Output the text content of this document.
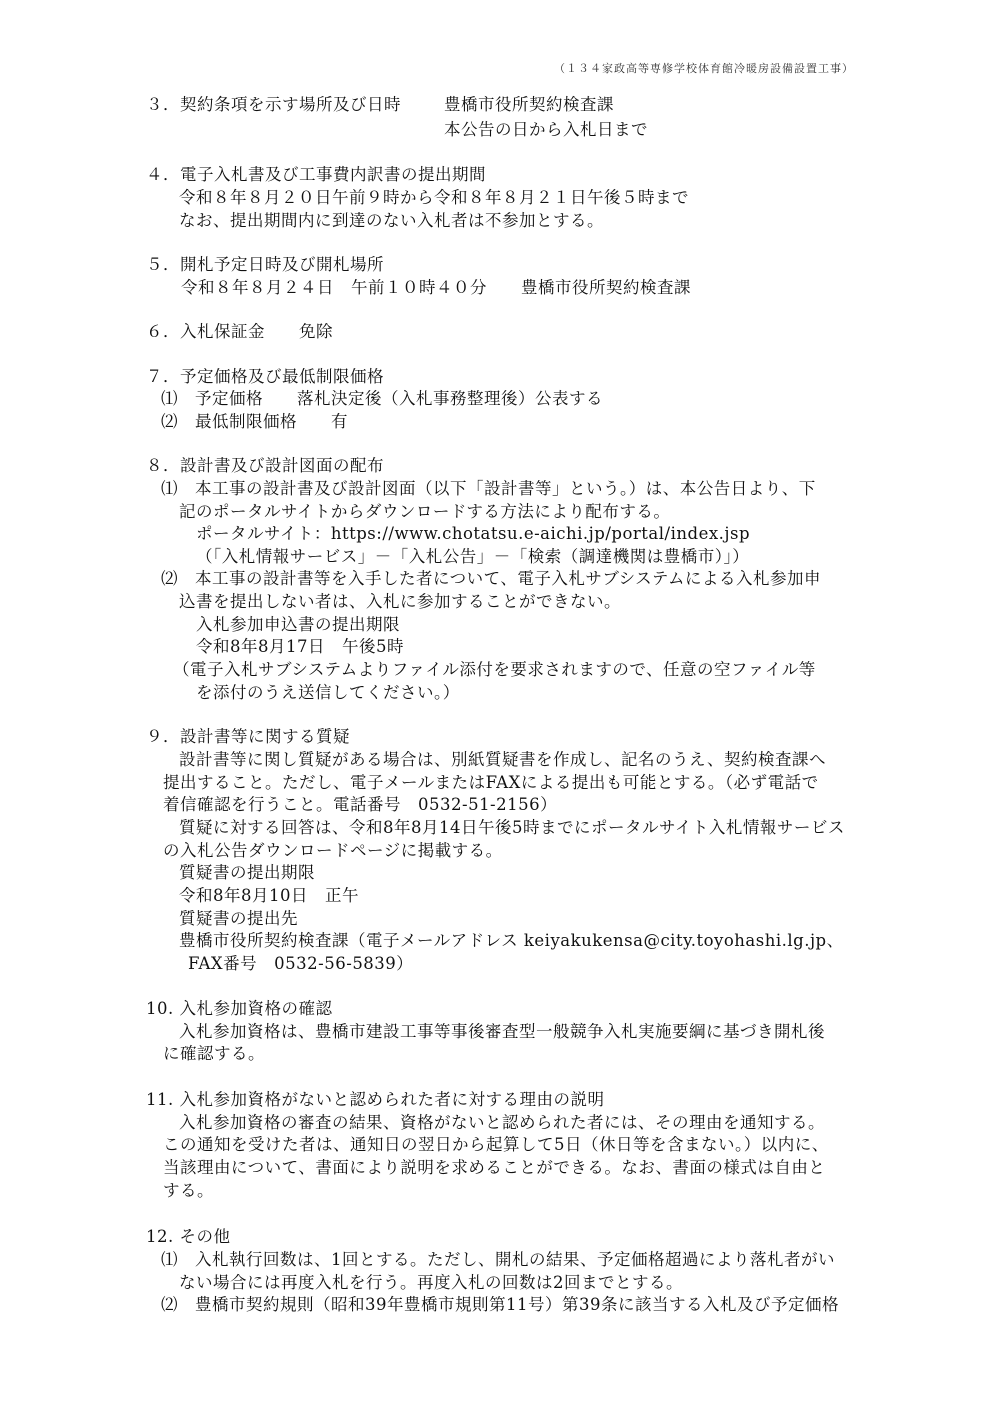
（１３４家政高等専修学校体育館冷暖房設備設置工事）
３．契約条項を示す場所及び日時	豊橋市役所契約検査課
本公告の日から入札日まで
４．電子入札書及び工事費内訳書の提出期間
令和８年８月２０日午前９時から令和８年８月２１日午後５時まで
なお、提出期間内に到達のない入札者は不参加とする。
５．開札予定日時及び開札場所
令和８年８月２４日　午前１０時４０分　　豊橋市役所契約検査課
６．入札保証金　　免除
７．予定価格及び最低制限価格
⑴　予定価格　　落札決定後（入札事務整理後）公表する
⑵　最低制限価格　　有
８．設計書及び設計図面の配布
⑴　本工事の設計書及び設計図面（以下「設計書等」という。）は、本公告日より、下
記のポータルサイトからダウンロードする方法により配布する。
ポータルサイト：https://www.chotatsu.e-aichi.jp/portal/index.jsp
（「入札情報サービス」－「入札公告」－「検索（調達機関は豊橋市）」）
⑵　本工事の設計書等を入手した者について、電子入札サブシステムによる入札参加申
込書を提出しない者は、入札に参加することができない。
入札参加申込書の提出期限
令和8年8月17日　午後5時
（電子入札サブシステムよりファイル添付を要求されますので、任意の空ファイル等
を添付のうえ送信してください。）
９．設計書等に関する質疑
設計書等に関し質疑がある場合は、別紙質疑書を作成し、記名のうえ、契約検査課へ
提出すること。ただし、電子メールまたはFAXによる提出も可能とする。（必ず電話で
着信確認を行うこと。電話番号　0532-51-2156）
質疑に対する回答は、令和8年8月14日午後5時までにポータルサイト入札情報サービス
の入札公告ダウンロードページに掲載する。
質疑書の提出期限
令和8年8月10日　正午
質疑書の提出先
豊橋市役所契約検査課（電子メールアドレス keiyakukensa@city.toyohashi.lg.jp、
FAX番号　0532-56-5839）
10. 入札参加資格の確認
入札参加資格は、豊橋市建設工事等事後審査型一般競争入札実施要綱に基づき開札後
に確認する。
11. 入札参加資格がないと認められた者に対する理由の説明
入札参加資格の審査の結果、資格がないと認められた者には、その理由を通知する。
この通知を受けた者は、通知日の翌日から起算して5日（休日等を含まない。）以内に、
当該理由について、書面により説明を求めることができる。なお、書面の様式は自由と
する。
12. その他
⑴　入札執行回数は、1回とする。ただし、開札の結果、予定価格超過により落札者がい
ない場合には再度入札を行う。再度入札の回数は2回までとする。
⑵　豊橋市契約規則（昭和39年豊橋市規則第11号）第39条に該当する入札及び予定価格
